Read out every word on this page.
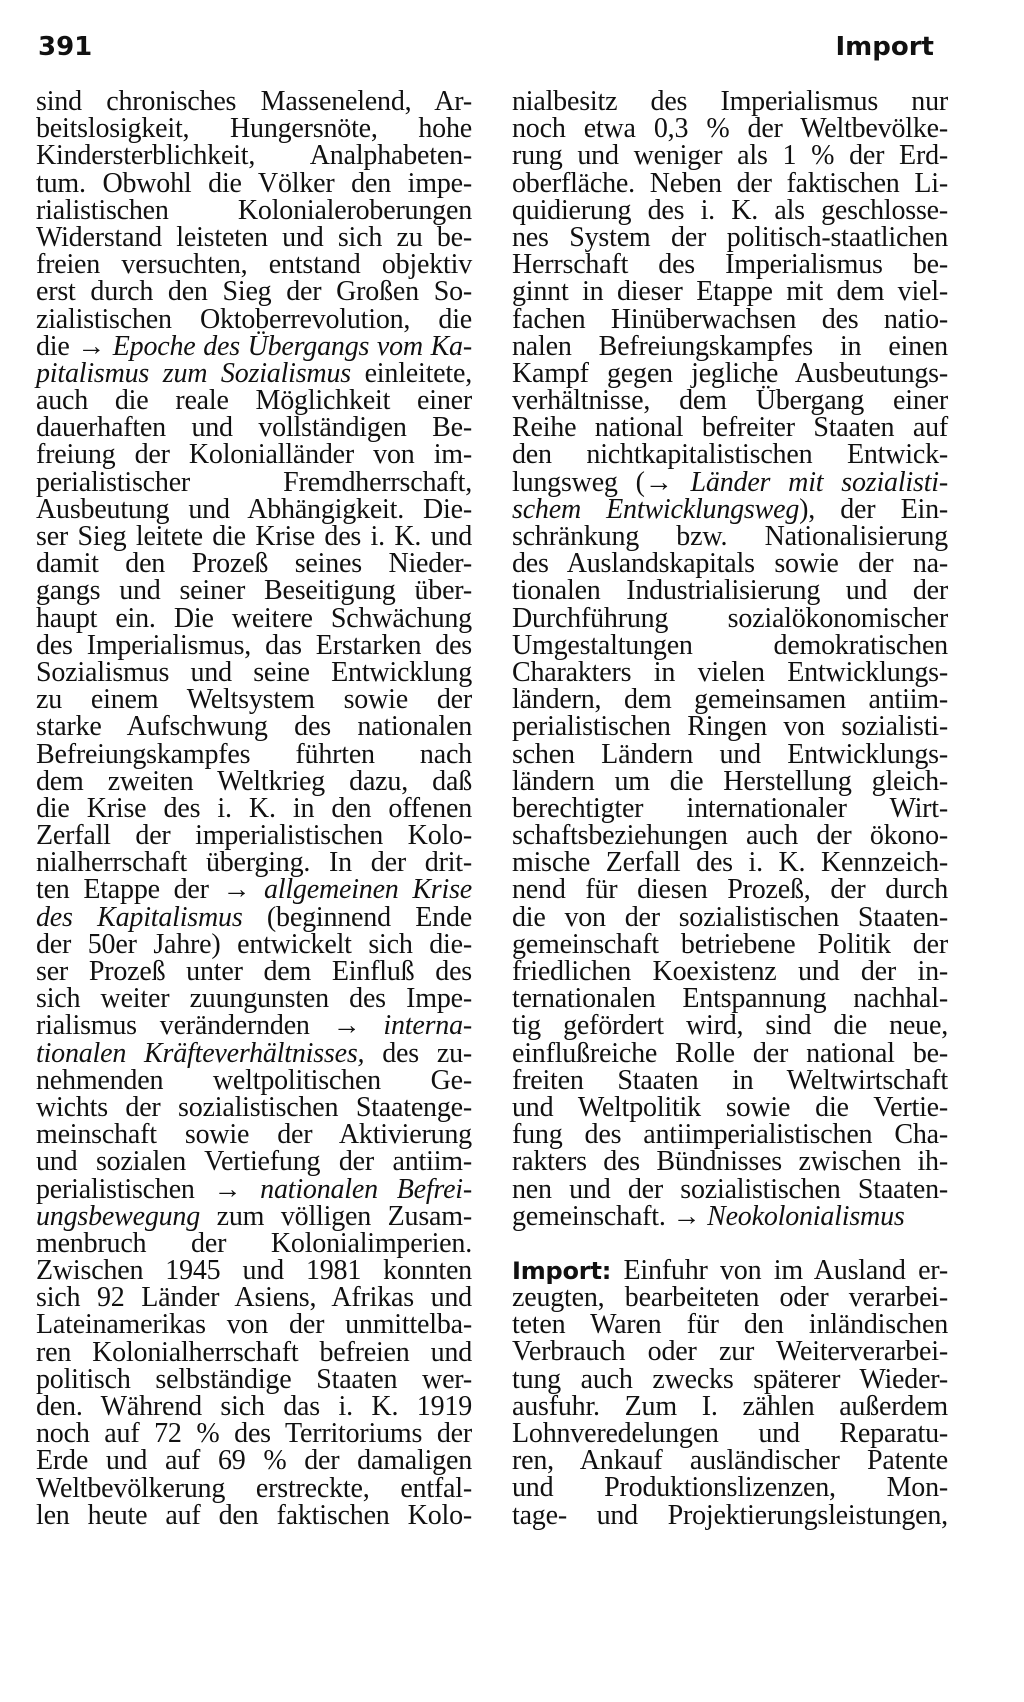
391	Import
sind chronisches Massenelend, Ar-
beitslosigkeit, Hungersnöte, hohe
Kindersterblichkeit, Analphabeten-
tum. Obwohl die Völker den impe-
rialistischen Kolonialeroberungen
Widerstand leisteten und sich zu be-
freien versuchten, entstand objektiv
erst durch den Sieg der Großen So-
zialistischen Oktoberrevolution, die
die → Epoche des Übergangs vom Ka-
pitalismus zum Sozialismus einleitete,
auch die reale Möglichkeit einer
dauerhaften und vollständigen Be-
freiung der Kolonialländer von im-
perialistischer Fremdherrschaft,
Ausbeutung und Abhängigkeit. Die-
ser Sieg leitete die Krise des i. K. und
damit den Prozeß seines Nieder-
gangs und seiner Beseitigung über-
haupt ein. Die weitere Schwächung
des Imperialismus, das Erstarken des
Sozialismus und seine Entwicklung
zu einem Weltsystem sowie der
starke Aufschwung des nationalen
Befreiungskampfes führten nach
dem zweiten Weltkrieg dazu, daß
die Krise des i. K. in den offenen
Zerfall der imperialistischen Kolo-
nialherrschaft überging. In der drit-
ten Etappe der → allgemeinen Krise
des Kapitalismus (beginnend Ende
der 50er Jahre) entwickelt sich die-
ser Prozeß unter dem Einfluß des
sich weiter zuungunsten des Impe-
rialismus verändernden → interna-
tionalen Kräfteverhältnisses, des zu-
nehmenden weltpolitischen Ge-
wichts der sozialistischen Staatenge-
meinschaft sowie der Aktivierung
und sozialen Vertiefung der antiim-
perialistischen → nationalen Befrei-
ungsbewegung zum völligen Zusam-
menbruch der Kolonialimperien.
Zwischen 1945 und 1981 konnten
sich 92 Länder Asiens, Afrikas und
Lateinamerikas von der unmittelba-
ren Kolonialherrschaft befreien und
politisch selbständige Staaten wer-
den. Während sich das i. K. 1919
noch auf 72 % des Territoriums der
Erde und auf 69 % der damaligen
Weltbevölkerung erstreckte, entfal-
len heute auf den faktischen Kolo-
nialbesitz des Imperialismus nur
noch etwa 0,3 % der Weltbevölke-
rung und weniger als 1 % der Erd-
oberfläche. Neben der faktischen Li-
quidierung des i. K. als geschlosse-
nes System der politisch-staatlichen
Herrschaft des Imperialismus be-
ginnt in dieser Etappe mit dem viel-
fachen Hinüberwachsen des natio-
nalen Befreiungskampfes in einen
Kampf gegen jegliche Ausbeutungs-
verhältnisse, dem Übergang einer
Reihe national befreiter Staaten auf
den nichtkapitalistischen Entwick-
lungsweg (→ Länder mit sozialisti-
schem Entwicklungsweg), der Ein-
schränkung bzw. Nationalisierung
des Auslandskapitals sowie der na-
tionalen Industrialisierung und der
Durchführung sozialökonomischer
Umgestaltungen demokratischen
Charakters in vielen Entwicklungs-
ländern, dem gemeinsamen antiim-
perialistischen Ringen von sozialisti-
schen Ländern und Entwicklungs-
ländern um die Herstellung gleich-
berechtigter internationaler Wirt-
schaftsbeziehungen auch der ökono-
mische Zerfall des i. K. Kennzeich-
nend für diesen Prozeß, der durch
die von der sozialistischen Staaten-
gemeinschaft betriebene Politik der
friedlichen Koexistenz und der in-
ternationalen Entspannung nachhal-
tig gefördert wird, sind die neue,
einflußreiche Rolle der national be-
freiten Staaten in Weltwirtschaft
und Weltpolitik sowie die Vertie-
fung des antiimperialistischen Cha-
rakters des Bündnisses zwischen ih-
nen und der sozialistischen Staaten-
gemeinschaft. → Neokolonialismus
Import: Einfuhr von im Ausland er-
zeugten, bearbeiteten oder verarbei-
teten Waren für den inländischen
Verbrauch oder zur Weiterverarbei-
tung auch zwecks späterer Wieder-
ausfuhr. Zum I. zählen außerdem
Lohnveredelungen und Reparatu-
ren, Ankauf ausländischer Patente
und Produktionslizenzen, Mon-
tage- und Projektierungsleistungen,
